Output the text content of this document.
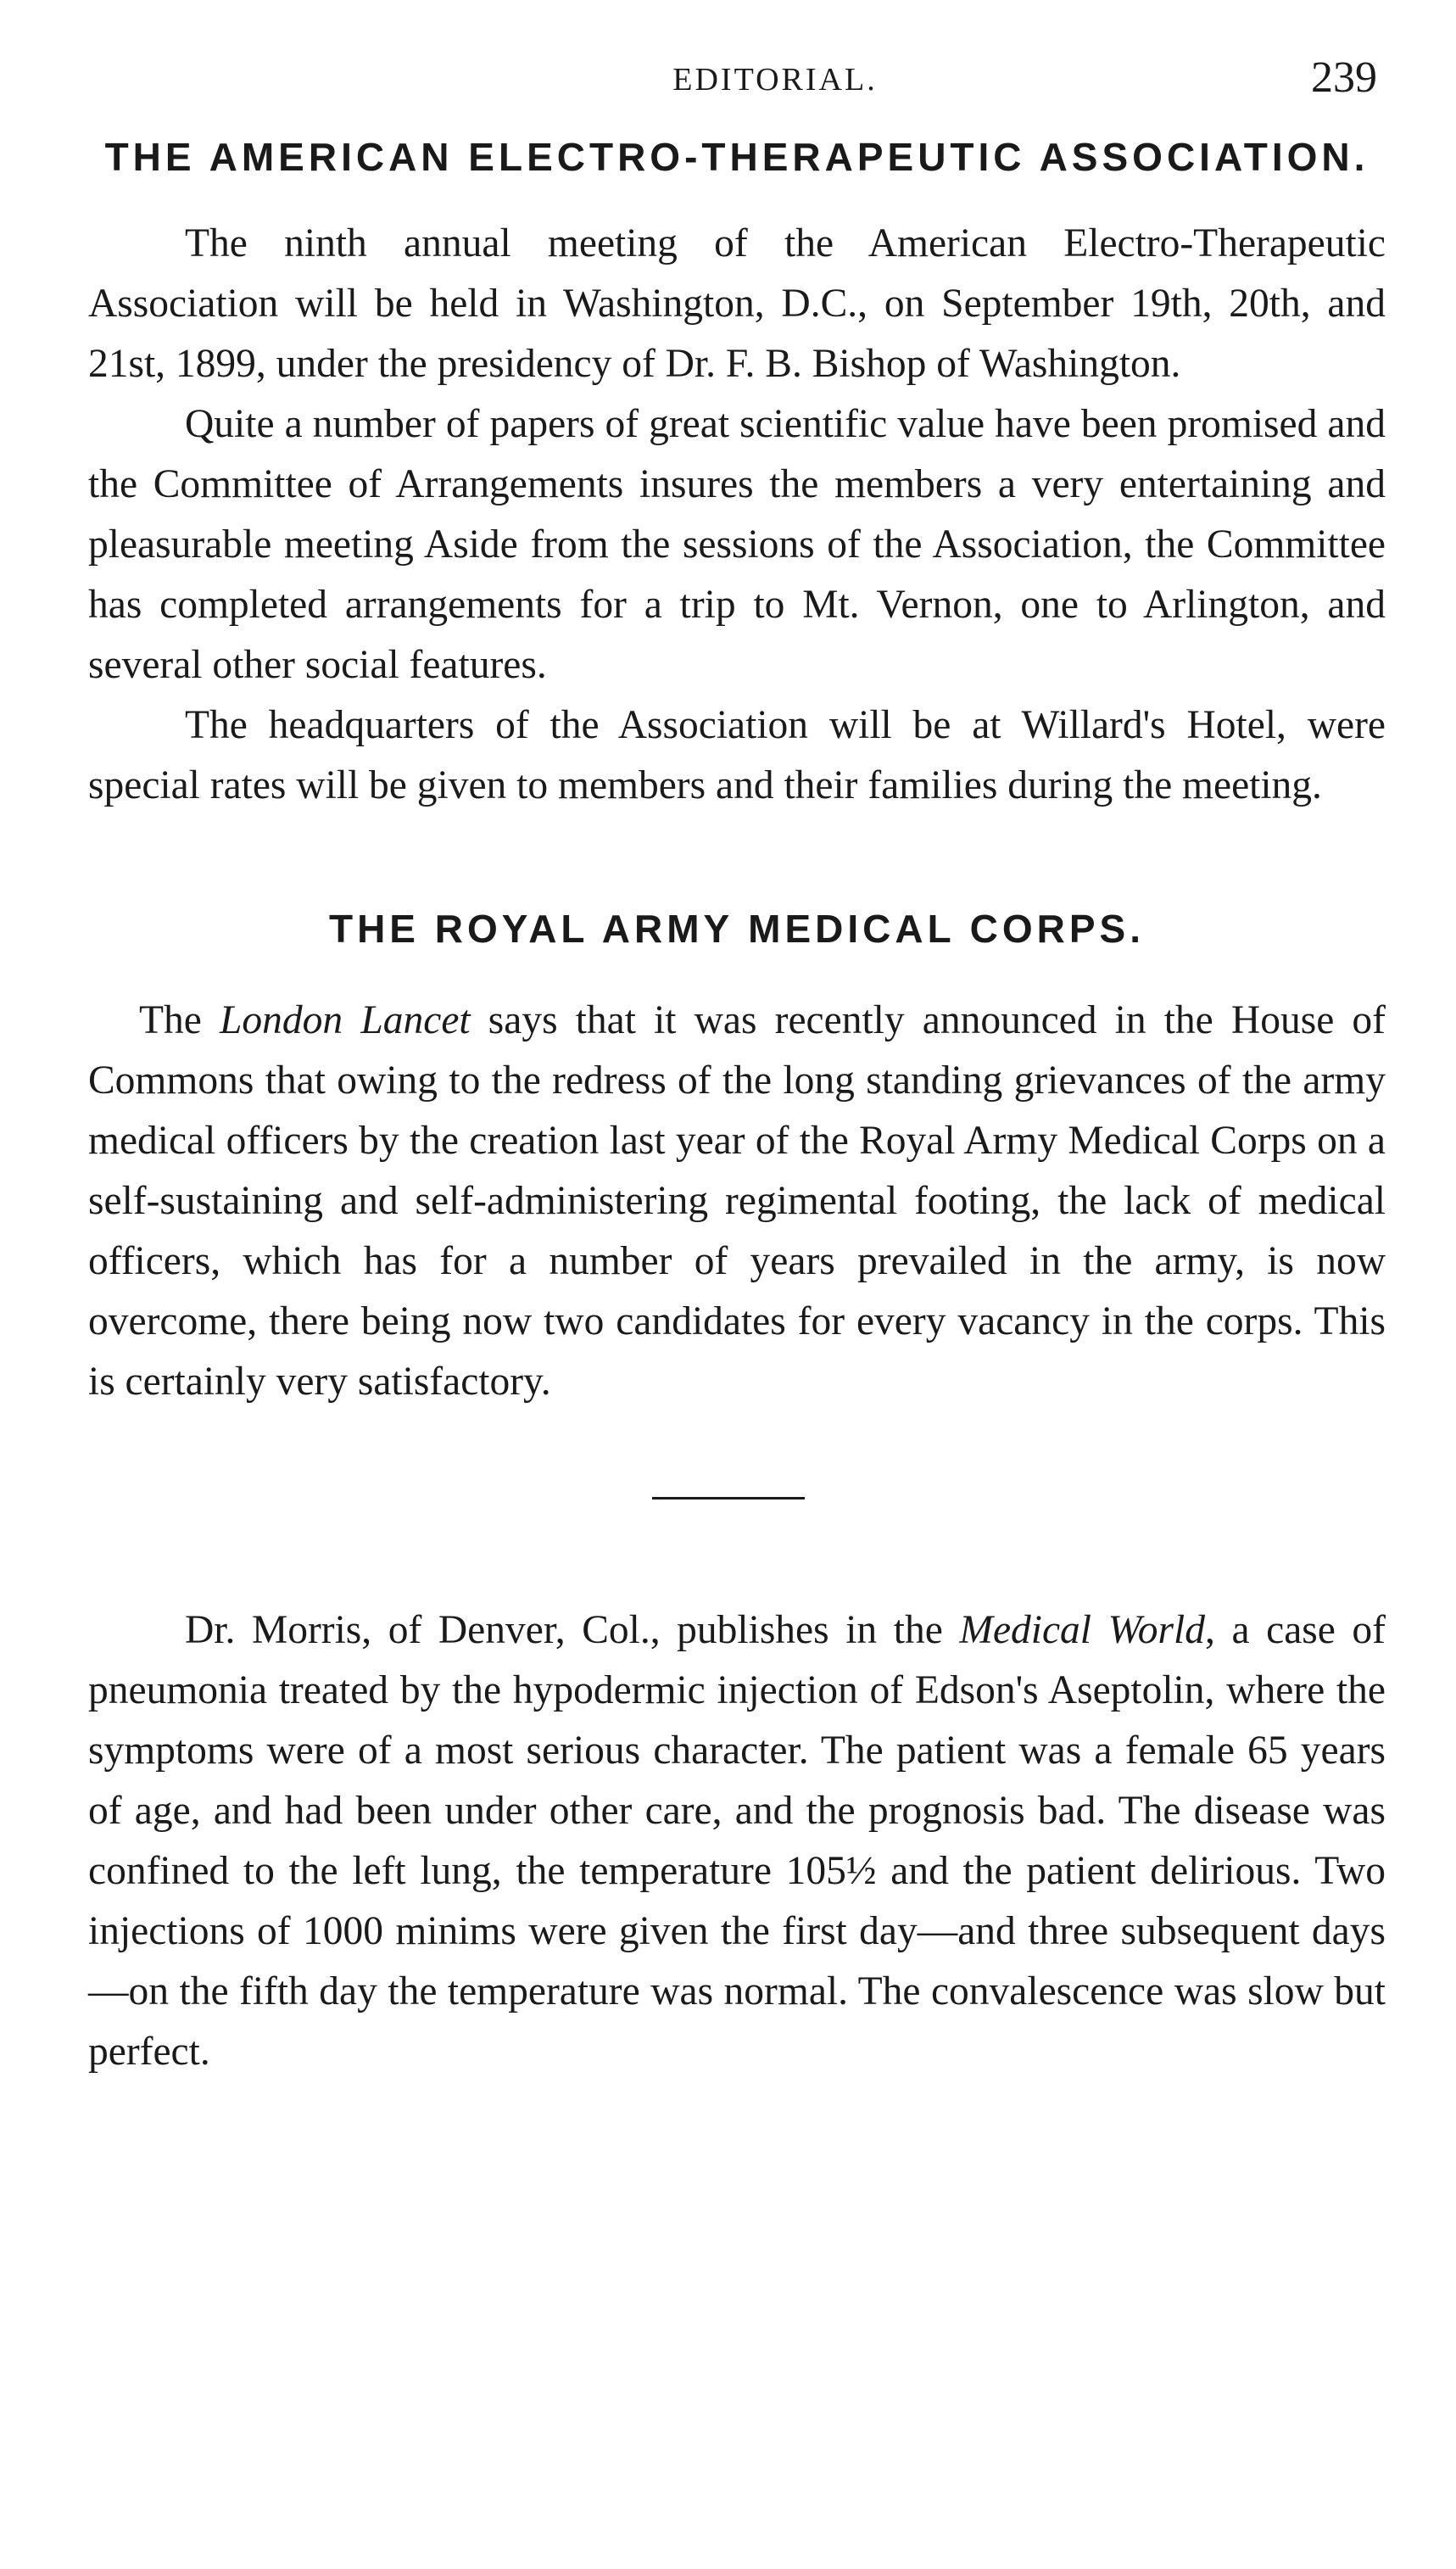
EDITORIAL.	239
THE AMERICAN ELECTRO-THERAPEUTIC ASSOCIATION.

The ninth annual meeting of the American Electro-Therapeutic Association will be held in Washington, D.C., on September 19th, 20th, and 21st, 1899, under the presidency of Dr. F. B. Bishop of Washington.

Quite a number of papers of great scientific value have been promised and the Committee of Arrangements insures the members a very entertaining and pleasurable meeting Aside from the sessions of the Association, the Committee has completed arrangements for a trip to Mt. Vernon, one to Arlington, and several other social features.

The headquarters of the Association will be at Willard's Hotel, were special rates will be given to members and their families during the meeting.

THE ROYAL ARMY MEDICAL CORPS.

The London Lancet says that it was recently announced in the House of Commons that owing to the redress of the long standing grievances of the army medical officers by the creation last year of the Royal Army Medical Corps on a self-sustaining and self-administering regimental footing, the lack of medical officers, which has for a number of years prevailed in the army, is now overcome, there being now two candidates for every vacancy in the corps. This is certainly very satisfactory.

Dr. Morris, of Denver, Col., publishes in the Medical World, a case of pneumonia treated by the hypodermic injection of Edson's Aseptolin, where the symptoms were of a most serious character. The patient was a female 65 years of age, and had been under other care, and the prognosis bad. The disease was confined to the left lung, the temperature 105½ and the patient delirious. Two injections of 1000 minims were given the first day—and three subsequent days—on the fifth day the temperature was normal. The convalescence was slow but perfect.
